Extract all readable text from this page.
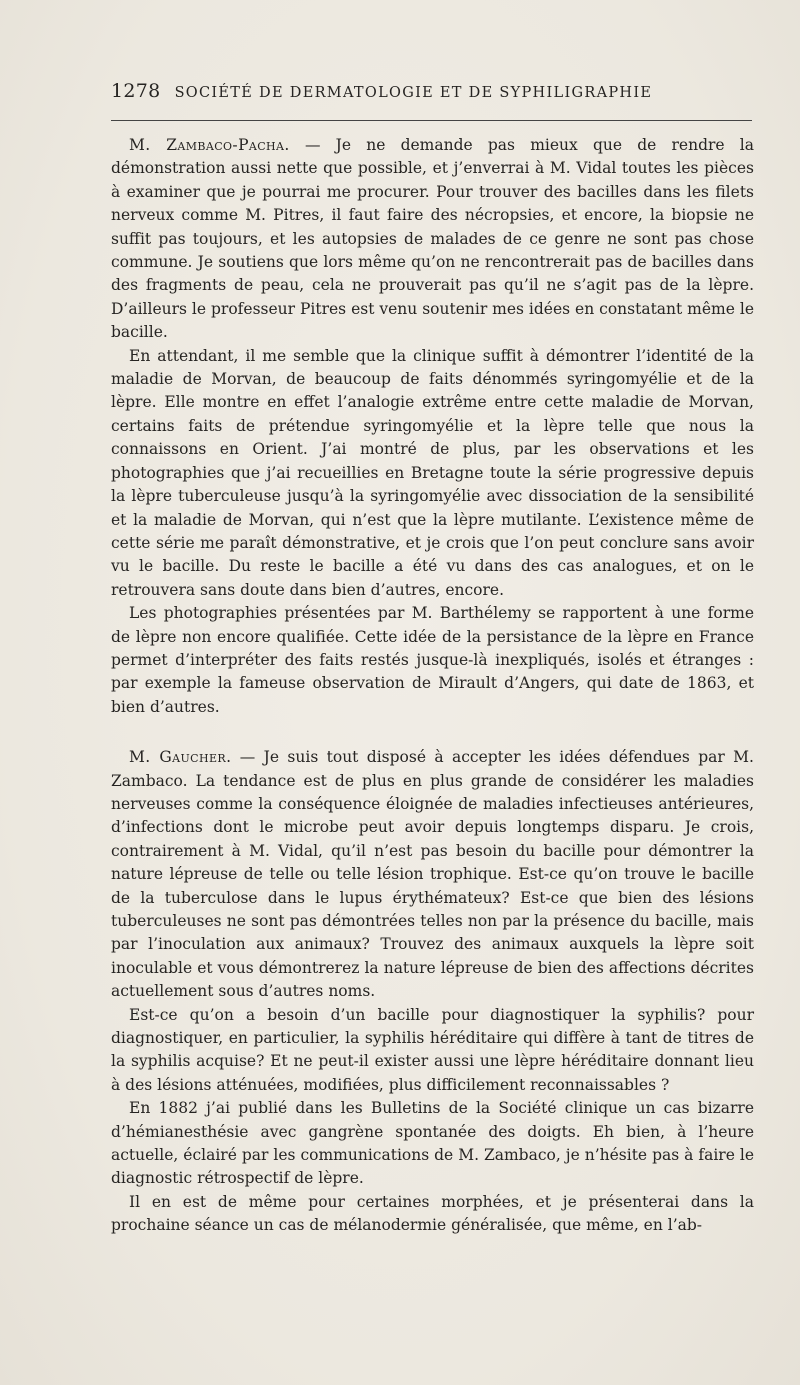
1278 SOCIÉTÉ DE DERMATOLOGIE ET DE SYPHILIGRAPHIE

M. Zambaco-Pacha. — Je ne demande pas mieux que de rendre la démonstration aussi nette que possible, et j’enverrai à M. Vidal toutes les pièces à examiner que je pourrai me procurer. Pour trouver des bacilles dans les filets nerveux comme M. Pitres, il faut faire des nécropsies, et encore, la biopsie ne suffit pas toujours, et les autopsies de malades de ce genre ne sont pas chose commune. Je soutiens que lors même qu’on ne rencontrerait pas de bacilles dans des fragments de peau, cela ne prouverait pas qu’il ne s’agit pas de la lèpre. D’ailleurs le professeur Pitres est venu soutenir mes idées en constatant même le bacille.

En attendant, il me semble que la clinique suffit à démontrer l’identité de la maladie de Morvan, de beaucoup de faits dénommés syringomyélie et de la lèpre. Elle montre en effet l’analogie extrême entre cette maladie de Morvan, certains faits de prétendue syringomyélie et la lèpre telle que nous la connaissons en Orient. J’ai montré de plus, par les observations et les photographies que j’ai recueillies en Bretagne toute la série progressive depuis la lèpre tuberculeuse jusqu’à la syringomyélie avec dissociation de la sensibilité et la maladie de Morvan, qui n’est que la lèpre mutilante. L’existence même de cette série me paraît démonstrative, et je crois que l’on peut conclure sans avoir vu le bacille. Du reste le bacille a été vu dans des cas analogues, et on le retrouvera sans doute dans bien d’autres, encore.

Les photographies présentées par M. Barthélemy se rapportent à une forme de lèpre non encore qualifiée. Cette idée de la persistance de la lèpre en France permet d’interpréter des faits restés jusque-là inexpliqués, isolés et étranges : par exemple la fameuse observation de Mirault d’Angers, qui date de 1863, et bien d’autres.

M. Gaucher. — Je suis tout disposé à accepter les idées défendues par M. Zambaco. La tendance est de plus en plus grande de considérer les maladies nerveuses comme la conséquence éloignée de maladies infectieuses antérieures, d’infections dont le microbe peut avoir depuis longtemps disparu. Je crois, contrairement à M. Vidal, qu’il n’est pas besoin du bacille pour démontrer la nature lépreuse de telle ou telle lésion trophique. Est-ce qu’on trouve le bacille de la tuberculose dans le lupus érythémateux? Est-ce que bien des lésions tuberculeuses ne sont pas démontrées telles non par la présence du bacille, mais par l’inoculation aux animaux? Trouvez des animaux auxquels la lèpre soit inoculable et vous démontrerez la nature lépreuse de bien des affections décrites actuellement sous d’autres noms.

Est-ce qu’on a besoin d’un bacille pour diagnostiquer la syphilis? pour diagnostiquer, en particulier, la syphilis héréditaire qui diffère à tant de titres de la syphilis acquise? Et ne peut-il exister aussi une lèpre héréditaire donnant lieu à des lésions atténuées, modifiées, plus difficilement reconnaissables ?

En 1882 j’ai publié dans les Bulletins de la Société clinique un cas bizarre d’hémianesthésie avec gangrène spontanée des doigts. Eh bien, à l’heure actuelle, éclairé par les communications de M. Zambaco, je n’hésite pas à faire le diagnostic rétrospectif de lèpre.

Il en est de même pour certaines morphées, et je présenterai dans la prochaine séance un cas de mélanodermie généralisée, que même, en l’ab-
